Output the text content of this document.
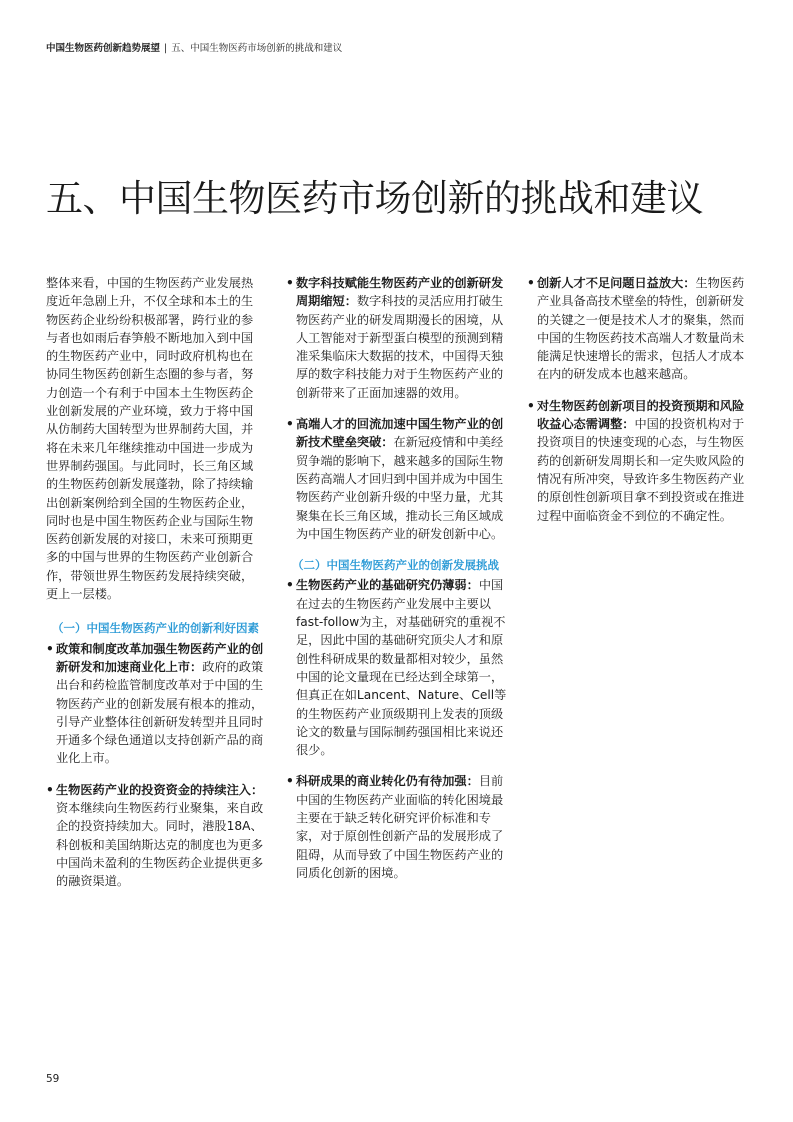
中国生物医药创新趋势展望 | 五、中国生物医药市场创新的挑战和建议
五、中国生物医药市场创新的挑战和建议

整体来看，中国的生物医药产业发展热度近年急剧上升，不仅全球和本土的生物医药企业纷纷积极部署，跨行业的参与者也如雨后春笋般不断地加入到中国的生物医药产业中，同时政府机构也在协同生物医药创新生态圈的参与者，努力创造一个有利于中国本土生物医药企业创新发展的产业环境，致力于将中国从仿制药大国转型为世界制药大国，并将在未来几年继续推动中国进一步成为世界制药强国。与此同时，长三角区域的生物医药创新发展蓬勃，除了持续输出创新案例给到全国的生物医药企业，同时也是中国生物医药企业与国际生物医药创新发展的对接口，未来可预期更多的中国与世界的生物医药产业创新合作，带领世界生物医药发展持续突破，更上一层楼。

（一）中国生物医药产业的创新利好因素
• 政策和制度改革加强生物医药产业的创新研发和加速商业化上市：政府的政策出台和药检监管制度改革对于中国的生物医药产业的创新发展有根本的推动，引导产业整体往创新研发转型并且同时开通多个绿色通道以支持创新产品的商业化上市。
• 生物医药产业的投资资金的持续注入：资本继续向生物医药行业聚集，来自政企的投资持续加大。同时，港股18A、科创板和美国纳斯达克的制度也为更多中国尚未盈利的生物医药企业提供更多的融资渠道。
• 数字科技赋能生物医药产业的创新研发周期缩短：数字科技的灵活应用打破生物医药产业的研发周期漫长的困境，从人工智能对于新型蛋白模型的预测到精准采集临床大数据的技术，中国得天独厚的数字科技能力对于生物医药产业的创新带来了正面加速器的效用。
• 高端人才的回流加速中国生物产业的创新技术壁垒突破：在新冠疫情和中美经贸争端的影响下，越来越多的国际生物医药高端人才回归到中国并成为中国生物医药产业创新升级的中坚力量，尤其聚集在长三角区域，推动长三角区域成为中国生物医药产业的研发创新中心。
（二）中国生物医药产业的创新发展挑战
• 生物医药产业的基础研究仍薄弱：中国在过去的生物医药产业发展中主要以fast-follow为主，对基础研究的重视不足，因此中国的基础研究顶尖人才和原创性科研成果的数量都相对较少，虽然中国的论文量现在已经达到全球第一，但真正在如Lancent、Nature、Cell等的生物医药产业顶级期刊上发表的顶级论文的数量与国际制药强国相比来说还很少。
• 科研成果的商业转化仍有待加强：目前中国的生物医药产业面临的转化困境最主要在于缺乏转化研究评价标准和专家，对于原创性创新产品的发展形成了阻碍，从而导致了中国生物医药产业的同质化创新的困境。
• 创新人才不足问题日益放大：生物医药产业具备高技术壁垒的特性，创新研发的关键之一便是技术人才的聚集，然而中国的生物医药技术高端人才数量尚未能满足快速增长的需求，包括人才成本在内的研发成本也越来越高。
• 对生物医药创新项目的投资预期和风险收益心态需调整：中国的投资机构对于投资项目的快速变现的心态，与生物医药的创新研发周期长和一定失败风险的情况有所冲突，导致许多生物医药产业的原创性创新项目拿不到投资或在推进过程中面临资金不到位的不确定性。
59
